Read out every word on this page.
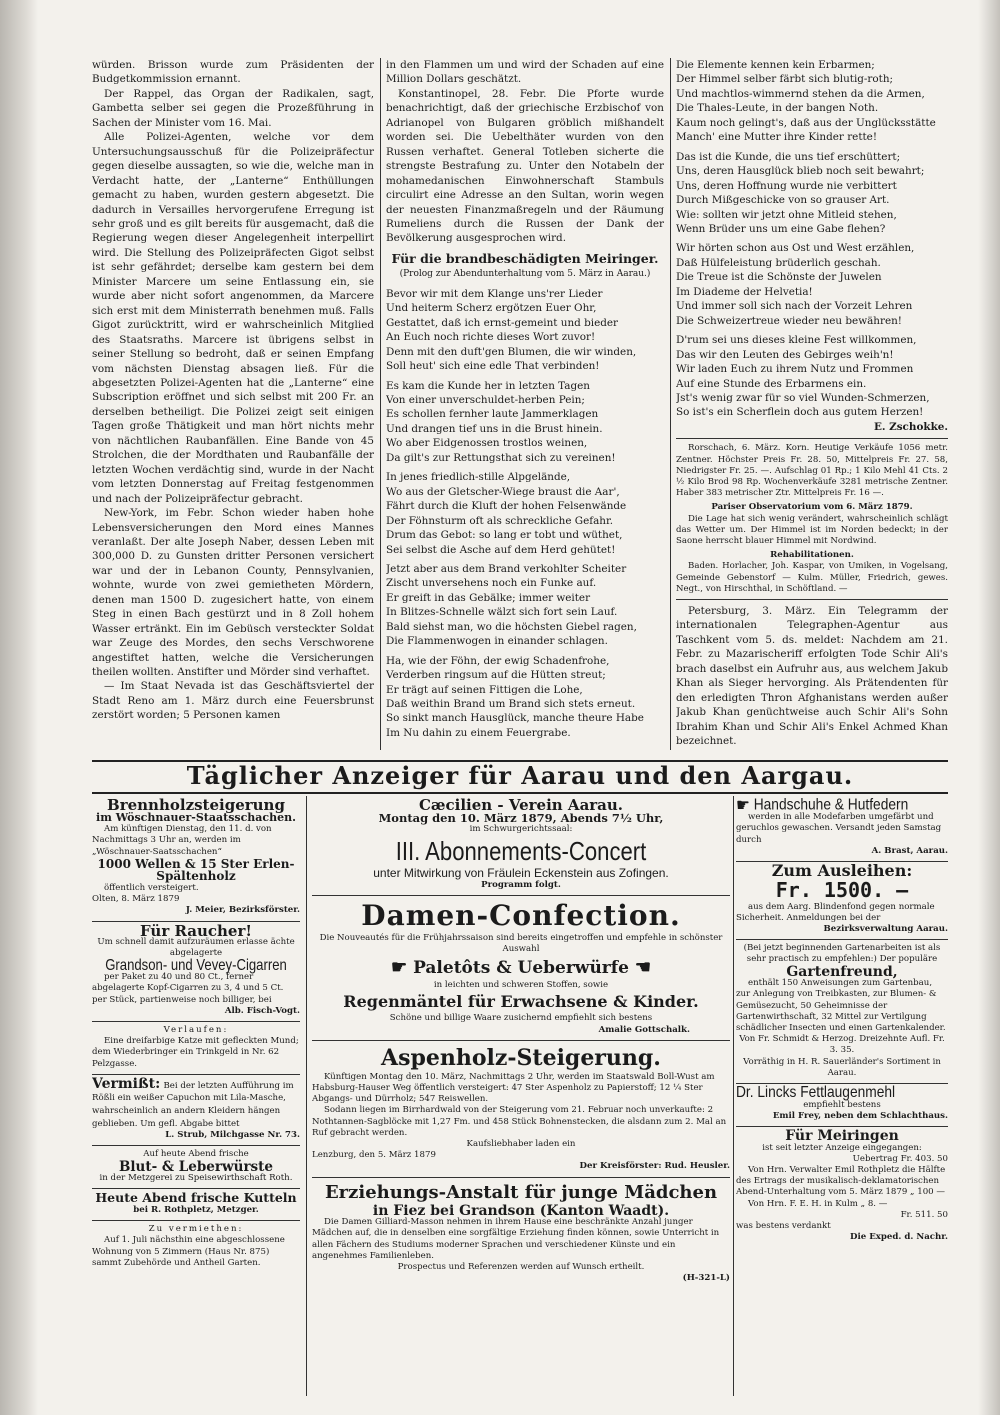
würden. Brisson wurde zum Präsidenten der Budgetkommission ernannt.

Der Rappel, das Organ der Radikalen, sagt, Gambetta selber sei gegen die Prozeßführung in Sachen der Minister vom 16. Mai.

Alle Polizei-Agenten, welche vor dem Untersuchungsausschuß für die Polizeipräfectur gegen dieselbe aussagten, so wie die, welche man in Verdacht hatte, der „Lanterne“ Enthüllungen gemacht zu haben, wurden gestern abgesetzt. Die dadurch in Versailles hervorgerufene Erregung ist sehr groß und es gilt bereits für ausgemacht, daß die Regierung wegen dieser Angelegenheit interpellirt wird. Die Stellung des Polizeipräfecten Gigot selbst ist sehr gefährdet; derselbe kam gestern bei dem Minister Marcere um seine Entlassung ein, sie wurde aber nicht sofort angenommen, da Marcere sich erst mit dem Ministerrath benehmen muß. Falls Gigot zurücktritt, wird er wahrscheinlich Mitglied des Staatsraths. Marcere ist übrigens selbst in seiner Stellung so bedroht, daß er seinen Empfang vom nächsten Dienstag absagen ließ. Für die abgesetzten Polizei-Agenten hat die „Lanterne“ eine Subscription eröffnet und sich selbst mit 200 Fr. an derselben betheiligt. Die Polizei zeigt seit einigen Tagen große Thätigkeit und man hört nichts mehr von nächtlichen Raubanfällen. Eine Bande von 45 Strolchen, die der Mordthaten und Raubanfälle der letzten Wochen verdächtig sind, wurde in der Nacht vom letzten Donnerstag auf Freitag festgenommen und nach der Polizeipräfectur gebracht.

New-York, im Febr. Schon wieder haben hohe Lebensversicherungen den Mord eines Mannes veranlaßt. Der alte Joseph Naber, dessen Leben mit 300,000 D. zu Gunsten dritter Personen versichert war und der in Lebanon County, Pennsylvanien, wohnte, wurde von zwei gemietheten Mördern, denen man 1500 D. zugesichert hatte, von einem Steg in einen Bach gestürzt und in 8 Zoll hohem Wasser ertränkt. Ein im Gebüsch versteckter Soldat war Zeuge des Mordes, den sechs Verschworene angestiftet hatten, welche die Versicherungen theilen wollten. Anstifter und Mörder sind verhaftet.

— Im Staat Nevada ist das Geschäftsviertel der Stadt Reno am 1. März durch eine Feuersbrunst zerstört worden; 5 Personen kamen

in den Flammen um und wird der Schaden auf eine Million Dollars geschätzt.

Konstantinopel, 28. Febr. Die Pforte wurde benachrichtigt, daß der griechische Erzbischof von Adrianopel von Bulgaren gröblich mißhandelt worden sei. Die Uebelthäter wurden von den Russen verhaftet. General Totleben sicherte die strengste Bestrafung zu. Unter den Notabeln der mohamedanischen Einwohnerschaft Stambuls circulirt eine Adresse an den Sultan, worin wegen der neuesten Finanzmaßregeln und der Räumung Rumeliens durch die Russen der Dank der Bevölkerung ausgesprochen wird.

Für die brandbeschädigten Meiringer.
(Prolog zur Abendunterhaltung vom 5. März in Aarau.)

Bevor wir mit dem Klange uns'rer Lieder

Und heiterm Scherz ergötzen Euer Ohr,

Gestattet, daß ich ernst-gemeint und bieder

An Euch noch richte dieses Wort zuvor!

Denn mit den duft'gen Blumen, die wir winden,

Soll heut' sich eine edle That verbinden!

Es kam die Kunde her in letzten Tagen

Von einer unverschuldet-herben Pein;

Es schollen fernher laute Jammerklagen

Und drangen tief uns in die Brust hinein.

Wo aber Eidgenossen trostlos weinen,

Da gilt's zur Rettungsthat sich zu vereinen!

In jenes friedlich-stille Alpgelände,

Wo aus der Gletscher-Wiege braust die Aar',

Fährt durch die Kluft der hohen Felsenwände

Der Föhnsturm oft als schreckliche Gefahr.

Drum das Gebot: so lang er tobt und wüthet,

Sei selbst die Asche auf dem Herd gehütet!

Jetzt aber aus dem Brand verkohlter Scheiter

Zischt unversehens noch ein Funke auf.

Er greift in das Gebälke; immer weiter

In Blitzes-Schnelle wälzt sich fort sein Lauf.

Bald siehst man, wo die höchsten Giebel ragen,

Die Flammenwogen in einander schlagen.

Ha, wie der Föhn, der ewig Schadenfrohe,

Verderben ringsum auf die Hütten streut;

Er trägt auf seinen Fittigen die Lohe,

Daß weithin Brand um Brand sich stets erneut.

So sinkt manch Hausglück, manche theure Habe

Im Nu dahin zu einem Feuergrabe.

Die Elemente kennen kein Erbarmen;

Der Himmel selber färbt sich blutig-roth;

Und machtlos-wimmernd stehen da die Armen,

Die Thales-Leute, in der bangen Noth.

Kaum noch gelingt's, daß aus der Unglücksstätte

Manch' eine Mutter ihre Kinder rette!

Das ist die Kunde, die uns tief erschüttert;

Uns, deren Hausglück blieb noch seit bewahrt;

Uns, deren Hoffnung wurde nie verbittert

Durch Mißgeschicke von so grauser Art.

Wie: sollten wir jetzt ohne Mitleid stehen,

Wenn Brüder uns um eine Gabe flehen?

Wir hörten schon aus Ost und West erzählen,

Daß Hülfeleistung brüderlich geschah.

Die Treue ist die Schönste der Juwelen

Im Diademe der Helvetia!

Und immer soll sich nach der Vorzeit Lehren

Die Schweizertreue wieder neu bewähren!

D'rum sei uns dieses kleine Fest willkommen,

Das wir den Leuten des Gebirges weih'n!

Wir laden Euch zu ihrem Nutz und Frommen

Auf eine Stunde des Erbarmens ein.

Jst's wenig zwar für so viel Wunden-Schmerzen,

So ist's ein Scherflein doch aus gutem Herzen!

E. Zschokke.

Rorschach, 6. März. Korn. Heutige Verkäufe 1056 metr. Zentner. Höchster Preis Fr. 28. 50, Mittelpreis Fr. 27. 58, Niedrigster Fr. 25. —. Aufschlag 01 Rp.; 1 Kilo Mehl 41 Cts. 2 ½ Kilo Brod 98 Rp. Wochenverkäufe 3281 metrische Zentner. Haber 383 metrischer Ztr. Mittelpreis Fr. 16 —.

Pariser Observatorium vom 6. März 1879.

Die Lage hat sich wenig verändert, wahrscheinlich schlägt das Wetter um. Der Himmel ist im Norden bedeckt; in der Saone herrscht blauer Himmel mit Nordwind.

Rehabilitationen.

Baden. Horlacher, Joh. Kaspar, von Umiken, in Vogelsang, Gemeinde Gebenstorf — Kulm. Müller, Friedrich, gewes. Negt., von Hirschthal, in Schöftland. —

Petersburg, 3. März. Ein Telegramm der internationalen Telegraphen-Agentur aus Taschkent vom 5. ds. meldet: Nachdem am 21. Febr. zu Mazarischeriff erfolgten Tode Schir Ali's brach daselbst ein Aufruhr aus, aus welchem Jakub Khan als Sieger hervorging. Als Prätendenten für den erledigten Thron Afghanistans werden außer Jakub Khan genüchtweise auch Schir Ali's Sohn Ibrahim Khan und Schir Ali's Enkel Achmed Khan bezeichnet.

Täglicher Anzeiger für Aarau und den Aargau.
Brennholzsteigerung
im Wöschnauer-Staatsschachen.

Am künftigen Dienstag, den 11. d. von Nachmittags 3 Uhr an, werden im „Wöschnauer-Saatsschachen“

1000 Wellen & 15 Ster Erlen-Spältenholz

öffentlich versteigert.

Olten, 8. März 1879
J. Meier, Bezirksförster.
Für Raucher!

Um schnell damit aufzuräumen erlasse ächte abgelagerte

Grandson- und Vevey-Cigarren

per Paket zu 40 und 80 Ct., ferner abgelagerte Kopf-Cigarren zu 3, 4 und 5 Ct. per Stück, partienweise noch billiger, bei

Alb. Fisch-Vogt.
Verlaufen:

Eine dreifarbige Katze mit gefleckten Mund; dem Wiederbringer ein Trinkgeld in Nr. 62 Pelzgasse.

Vermißt: Bei der letzten Aufführung im Rößli ein weißer Capuchon mit Lila-Masche, wahrscheinlich an andern Kleidern hängen geblieben. Um gefl. Abgabe bittet
L. Strub, Milchgasse Nr. 73.
Auf heute Abend frische
Blut- & Leberwürste
in der Metzgerei zu Speisewirthschaft Roth.
Heute Abend frische Kutteln
bei R. Rothpletz, Metzger.
Zu vermiethen:

Auf 1. Juli nächsthin eine abgeschlossene Wohnung von 5 Zimmern (Haus Nr. 875) sammt Zubehörde und Antheil Garten.

Cæcilien - Verein Aarau.
Montag den 10. März 1879, Abends 7½ Uhr,
im Schwurgerichtssaal:
III. Abonnements-Concert
unter Mitwirkung von Fräulein Eckenstein aus Zofingen.
Programm folgt.
Damen-Confection.

Die Nouveautés für die Frühjahrssaison sind bereits eingetroffen und empfehle in schönster Auswahl

☛ Paletôts & Ueberwürfe ☚
in leichten und schweren Stoffen, sowie
Regenmäntel für Erwachsene & Kinder.
Schöne und billige Waare zusichernd empfiehlt sich bestens
Amalie Gottschalk.
Aspenholz-Steigerung.

Künftigen Montag den 10. März, Nachmittags 2 Uhr, werden im Staatswald Boll-Wust am Habsburg-Hauser Weg öffentlich versteigert: 47 Ster Aspenholz zu Papierstoff; 12 ¼ Ster Abgangs- und Dürrholz; 547 Reiswellen.

Sodann liegen im Birrhardwald von der Steigerung vom 21. Februar noch unverkaufte: 2 Nothtannen-Sagblöcke mit 1,27 Fm. und 458 Stück Bohnenstecken, die alsdann zum 2. Mal an Ruf gebracht werden.

Kaufsliebhaber laden ein
Lenzburg, den 5. März 1879
Der Kreisförster: Rud. Heusler.
Erziehungs-Anstalt für junge Mädchen
in Fiez bei Grandson (Kanton Waadt).

Die Damen Gilliard-Masson nehmen in ihrem Hause eine beschränkte Anzahl junger Mädchen auf, die in denselben eine sorgfältige Erziehung finden können, sowie Unterricht in allen Fächern des Studiums moderner Sprachen und verschiedener Künste und ein angenehmes Familienleben.

Prospectus und Referenzen werden auf Wunsch ertheilt.
(H-321-L)
☛ Handschuhe & Hutfedern

werden in alle Modefarben umgefärbt und geruchlos gewaschen. Versandt jeden Samstag durch

A. Brast, Aarau.
Zum Ausleihen:
Fr. 1500. —

aus dem Aarg. Blindenfond gegen normale Sicherheit. Anmeldungen bei der

Bezirksverwaltung Aarau.

(Bei jetzt beginnenden Gartenarbeiten ist als sehr practisch zu empfehlen:) Der populäre

Gartenfreund,

enthält 150 Anweisungen zum Gartenbau, zur Anlegung von Treibkasten, zur Blumen- & Gemüsezucht, 50 Geheimnisse der Gartenwirthschaft, 32 Mittel zur Vertilgung schädlicher Insecten und einen Gartenkalender.

Von Fr. Schmidt & Herzog. Dreizehnte Aufl. Fr. 3. 35.

Vorräthig in H. R. Sauerländer's Sortiment in Aarau.

Dr. Lincks Fettlaugenmehl
empfiehlt bestens
Emil Frey, neben dem Schlachthaus.
Für Meiringen
ist seit letzter Anzeige eingegangen:
Uebertrag Fr. 403. 50

Von Hrn. Verwalter Emil Rothpletz die Hälfte des Ertrags der musikalisch-deklamatorischen Abend-Unterhaltung vom 5. März 1879 „ 100 —

Von Hrn. F. E. H. in Kulm „ 8. —

Fr. 511. 50
was bestens verdankt
Die Exped. d. Nachr.
